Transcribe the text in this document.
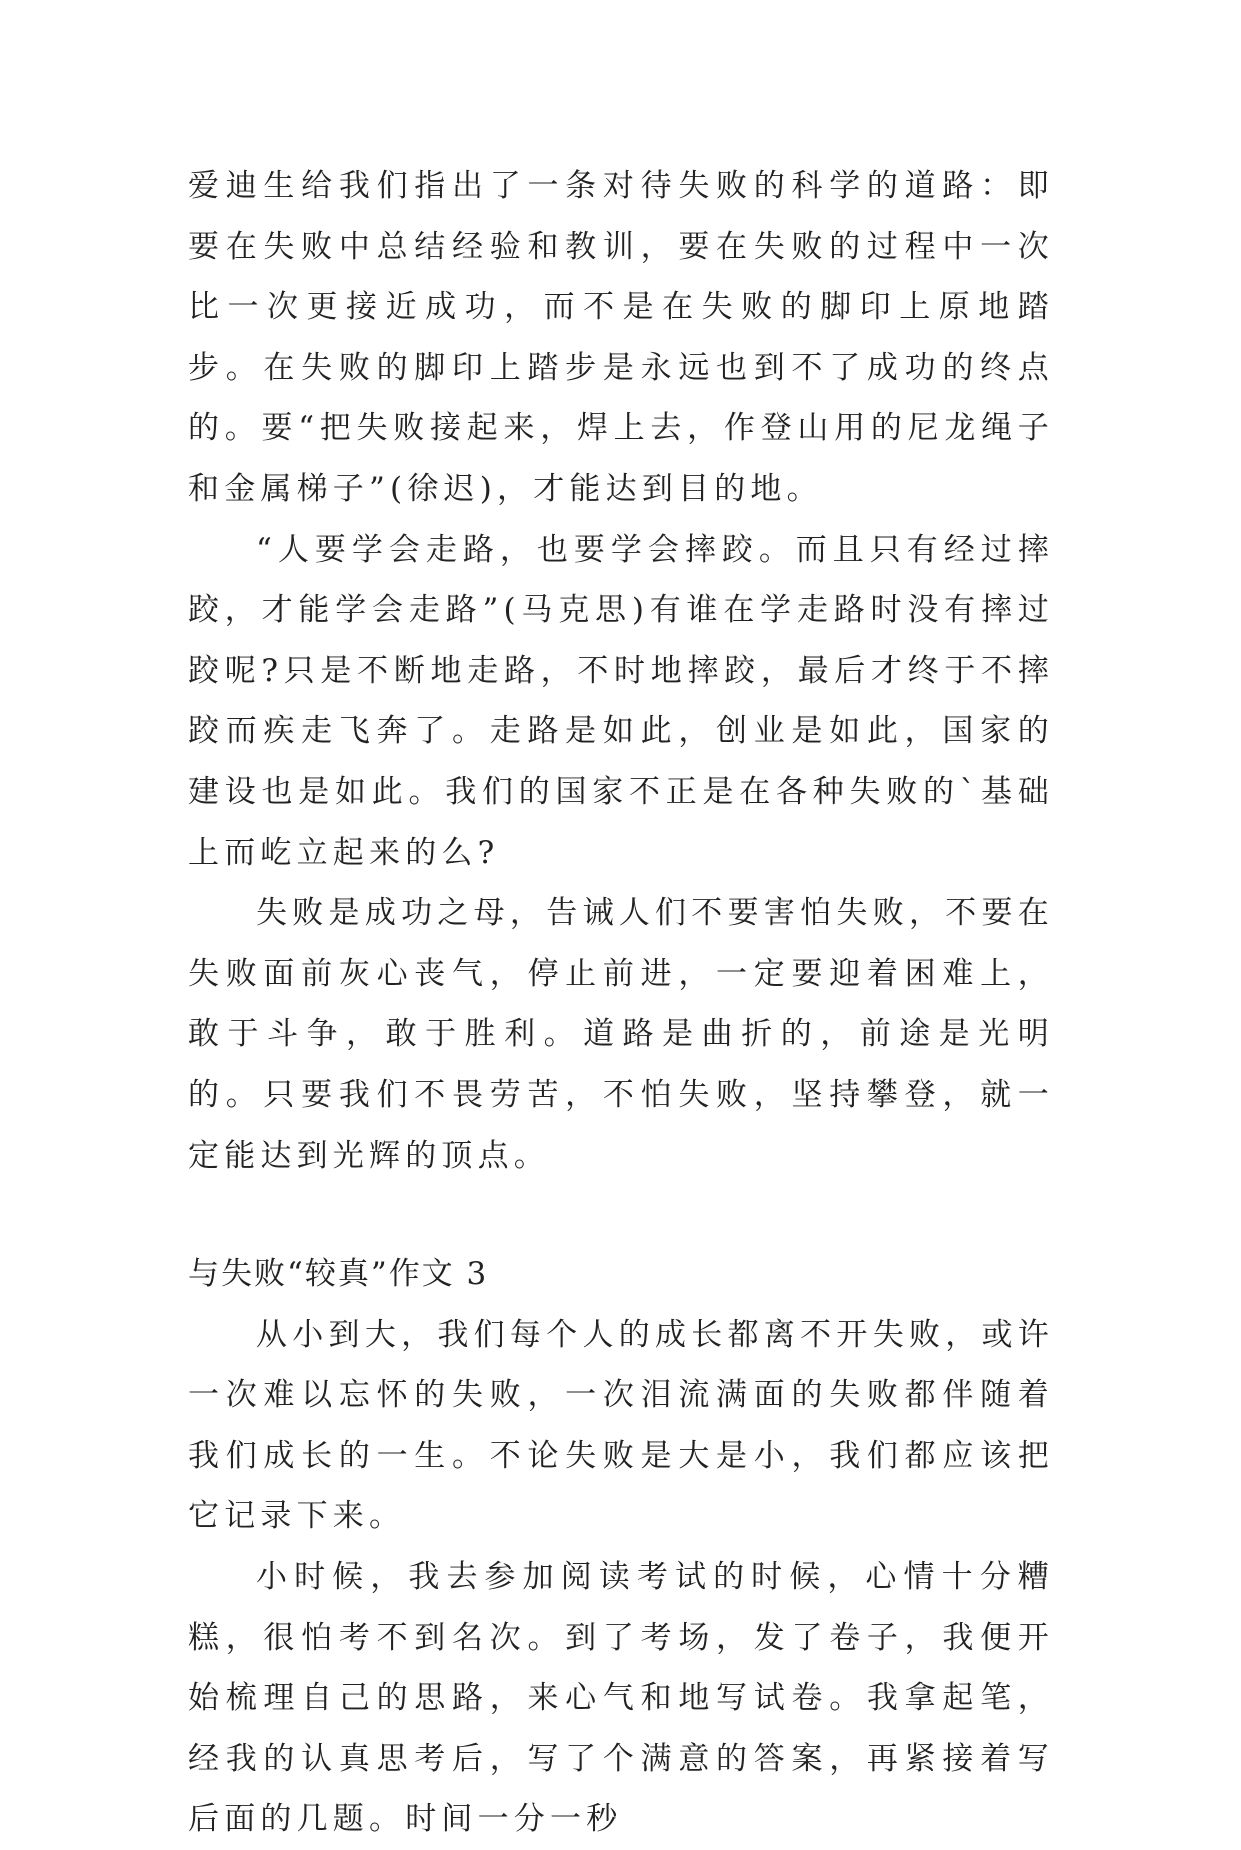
爱迪生给我们指出了一条对待失败的科学的道路：即要在失败中总结经验和教训，要在失败的过程中一次比一次更接近成功，而不是在失败的脚印上原地踏步。在失败的脚印上踏步是永远也到不了成功的终点的。要“把失败接起来，焊上去，作登山用的尼龙绳子和金属梯子”(徐迟)，才能达到目的地。

“人要学会走路，也要学会摔跤。而且只有经过摔跤，才能学会走路”(马克思)有谁在学走路时没有摔过跤呢?只是不断地走路，不时地摔跤，最后才终于不摔跤而疾走飞奔了。走路是如此，创业是如此，国家的建设也是如此。我们的国家不正是在各种失败的`基础上而屹立起来的么?

失败是成功之母，告诫人们不要害怕失败，不要在失败面前灰心丧气，停止前进，一定要迎着困难上，敢于斗争，敢于胜利。道路是曲折的，前途是光明的。只要我们不畏劳苦，不怕失败，坚持攀登，就一定能达到光辉的顶点。

与失败“较真”作文 3

从小到大，我们每个人的成长都离不开失败，或许一次难以忘怀的失败，一次泪流满面的失败都伴随着我们成长的一生。不论失败是大是小，我们都应该把它记录下来。

小时候，我去参加阅读考试的时候，心情十分糟糕，很怕考不到名次。到了考场，发了卷子，我便开始梳理自己的思路，来心气和地写试卷。我拿起笔，经我的认真思考后，写了个满意的答案，再紧接着写后面的几题。时间一分一秒
